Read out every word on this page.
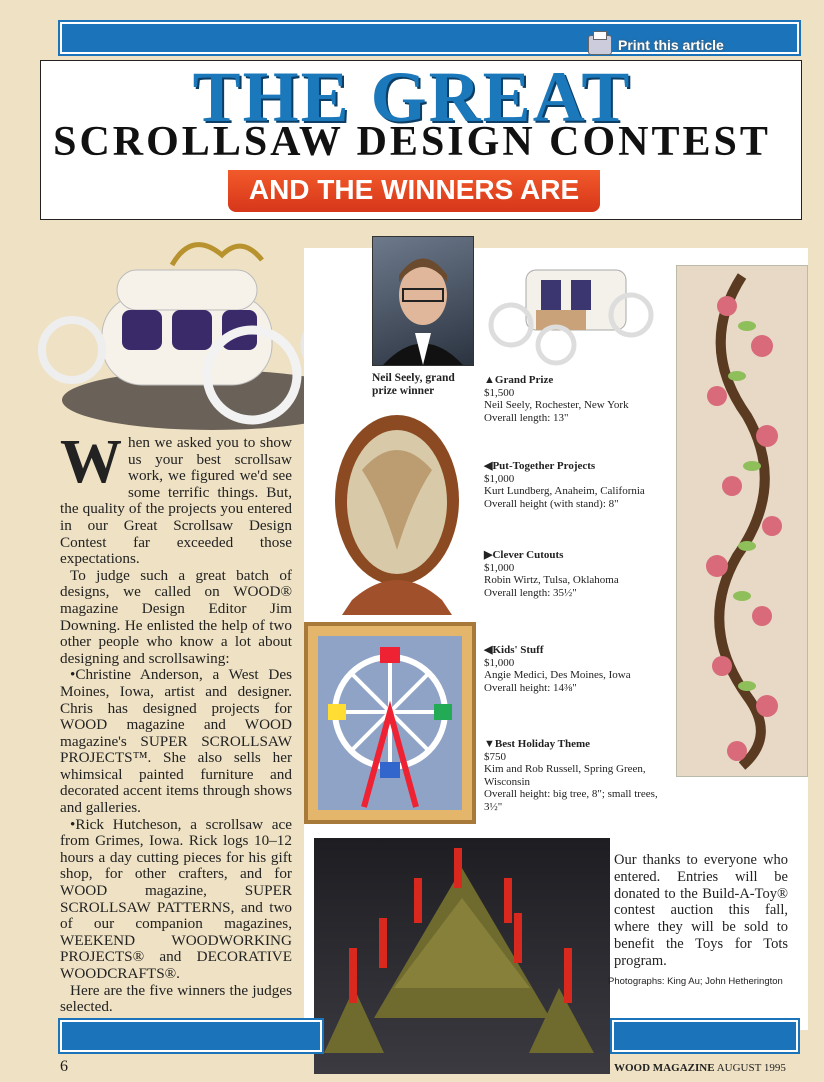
Print this article
THE GREAT
SCROLLSAW DESIGN CONTEST
AND THE WINNERS ARE
Neil Seely, grand
prize winner
▲Grand Prize
$1,500
Neil Seely, Rochester, New York
Overall length: 13"
◀Put-Together Projects
$1,000
Kurt Lundberg, Anaheim, California
Overall height (with stand): 8"
▶Clever Cutouts
$1,000
Robin Wirtz, Tulsa, Oklahoma
Overall length: 35½"
◀Kids' Stuff
$1,000
Angie Medici, Des Moines, Iowa
Overall height: 14⅜"
▼Best Holiday Theme
$750
Kim and Rob Russell, Spring Green, Wisconsin
Overall height: big tree, 8"; small trees, 3½"

When we asked you to show us your best scrollsaw work, we figured we'd see some terrific things. But, the quality of the projects you entered in our Great Scrollsaw Design Contest far exceeded those expectations.

To judge such a great batch of designs, we called on WOOD® magazine Design Editor Jim Downing. He enlisted the help of two other people who know a lot about designing and scrollsawing:

•Christine Anderson, a West Des Moines, Iowa, artist and designer. Chris has designed projects for WOOD magazine and WOOD magazine's SUPER SCROLLSAW PROJECTS™. She also sells her whimsical painted furniture and decorated accent items through shows and galleries.

•Rick Hutcheson, a scrollsaw ace from Grimes, Iowa. Rick logs 10–12 hours a day cutting pieces for his gift shop, for other crafters, and for WOOD magazine, SUPER SCROLLSAW PATTERNS, and two of our companion magazines, WEEKEND WOODWORKING PROJECTS® and DECORATIVE WOODCRAFTS®.

Here are the five winners the judges selected.

Our thanks to everyone who entered. Entries will be donated to the Build-A-Toy® contest auction this fall, where they will be sold to benefit the Toys for Tots program.
Photographs: King Au; John Hetherington
6	WOOD MAGAZINE AUGUST 1995
